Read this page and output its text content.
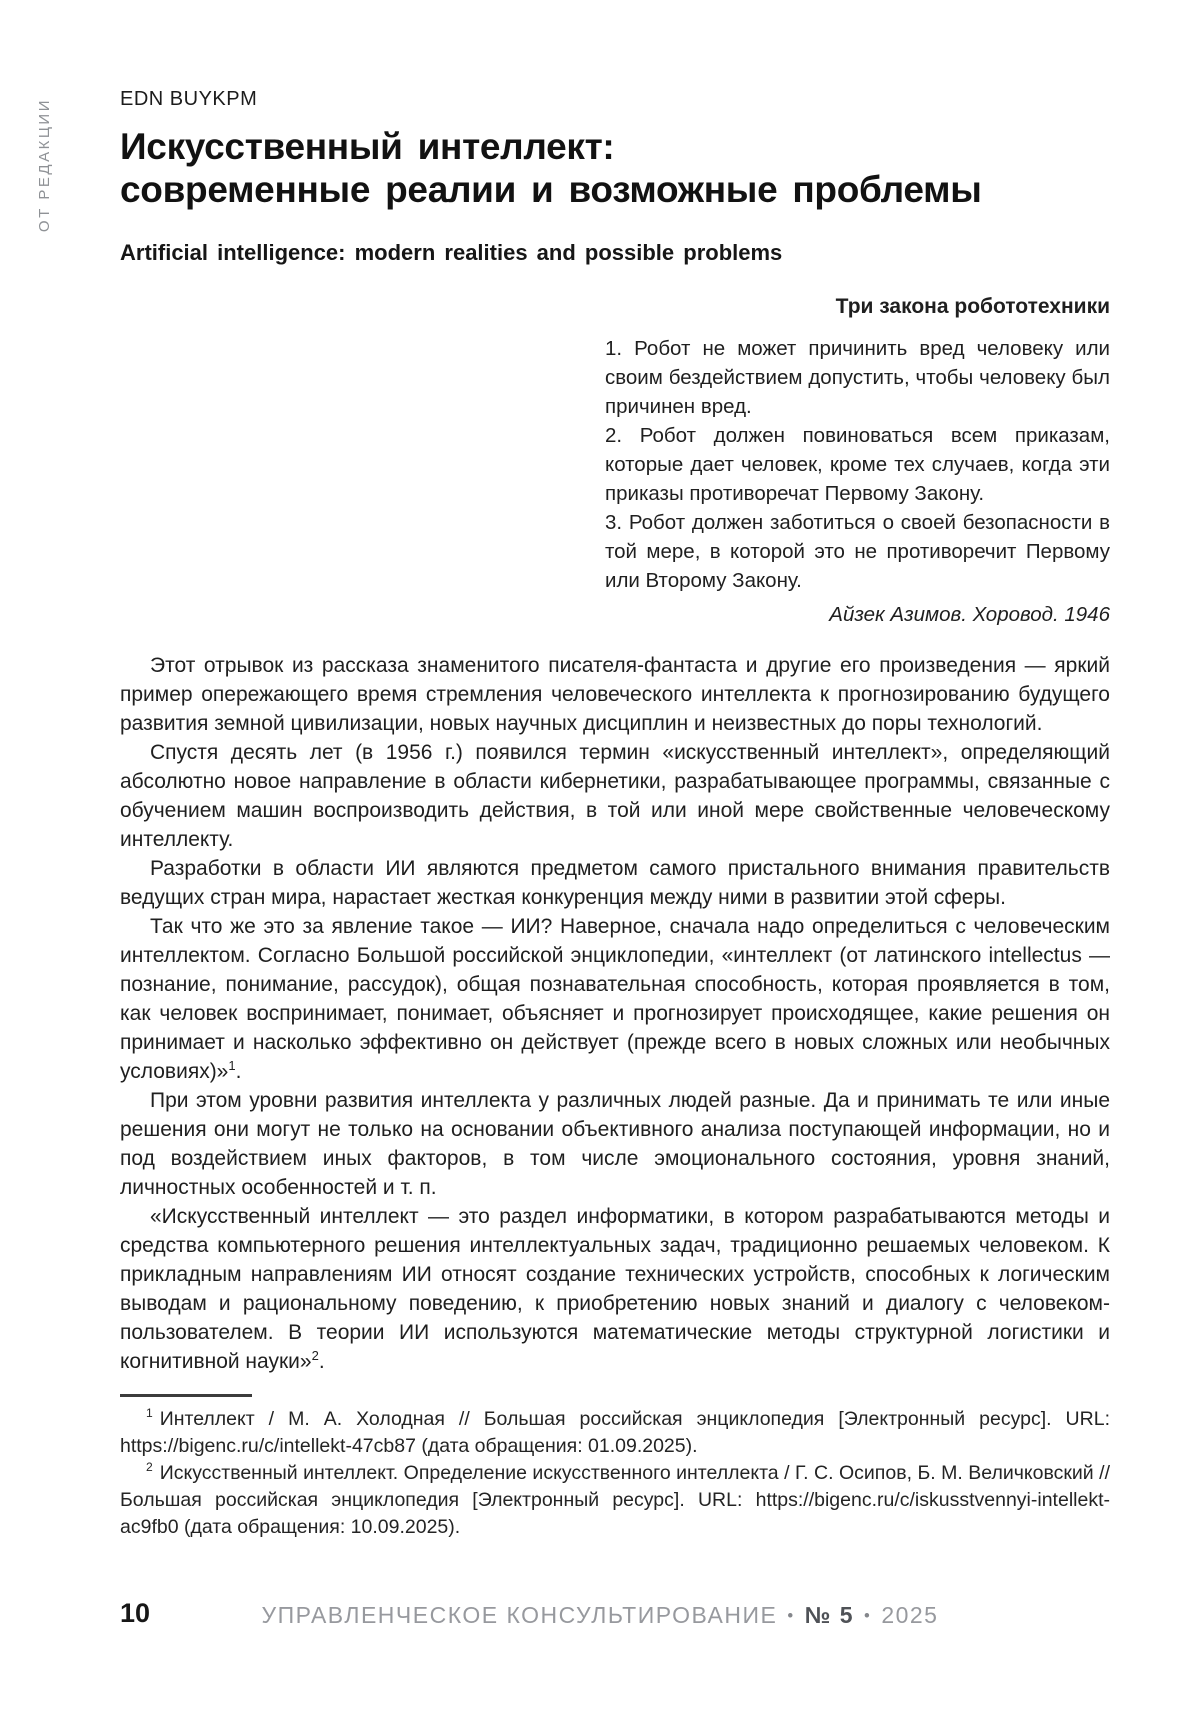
ОТ РЕДАКЦИИ	EDN BUYKPM
Искусственный интеллект:
современные реалии и возможные проблемы
Artificial intelligence: modern realities and possible problems
Три закона робототехники

1. Робот не может причинить вред человеку или своим бездействием допустить, чтобы человеку был причинен вред.

2. Робот должен повиноваться всем приказам, которые дает человек, кроме тех случаев, когда эти приказы противоречат Первому Закону.

3. Робот должен заботиться о своей безопасности в той мере, в которой это не противоречит Первому или Второму Закону.

Айзек Азимов. Хоровод. 1946

Этот отрывок из рассказа знаменитого писателя-фантаста и другие его произведения — яркий пример опережающего время стремления человеческого интеллекта к прогнозированию будущего развития земной цивилизации, новых научных дисциплин и неизвестных до поры технологий.

Спустя десять лет (в 1956 г.) появился термин «искусственный интеллект», определяющий абсолютно новое направление в области кибернетики, разрабатывающее программы, связанные с обучением машин воспроизводить действия, в той или иной мере свойственные человеческому интеллекту.

Разработки в области ИИ являются предметом самого пристального внимания правительств ведущих стран мира, нарастает жесткая конкуренция между ними в развитии этой сферы.

Так что же это за явление такое — ИИ? Наверное, сначала надо определиться с человеческим интеллектом. Согласно Большой российской энциклопедии, «интеллект (от латинского intellectus — познание, понимание, рассудок), общая познавательная способность, которая проявляется в том, как человек воспринимает, понимает, объясняет и прогнозирует происходящее, какие решения он принимает и насколько эффективно он действует (прежде всего в новых сложных или необычных условиях)»$^1$.

При этом уровни развития интеллекта у различных людей разные. Да и принимать те или иные решения они могут не только на основании объективного анализа поступающей информации, но и под воздействием иных факторов, в том числе эмоционального состояния, уровня знаний, личностных особенностей и т. п.

«Искусственный интеллект — это раздел информатики, в котором разрабатываются методы и средства компьютерного решения интеллектуальных задач, традиционно решаемых человеком. К прикладным направлениям ИИ относят создание технических устройств, способных к логическим выводам и рациональному поведению, к приобретению новых знаний и диалогу с человеком-пользователем. В теории ИИ используются математические методы структурной логистики и когнитивной науки»$^2$.

$^1$ Интеллект / М. А. Холодная // Большая российская энциклопедия [Электронный ресурс]. URL: https://bigenc.ru/c/intellekt-47cb87 (дата обращения: 01.09.2025).

$^2$ Искусственный интеллект. Определение искусственного интеллекта / Г. С. Осипов, Б. М. Величковский // Большая российская энциклопедия [Электронный ресурс]. URL: https://bigenc.ru/c/iskusstvennyi-intellekt-ac9fb0 (дата обращения: 10.09.2025).

10	УПРАВЛЕНЧЕСКОЕ КОНСУЛЬТИРОВАНИЕ • № 5 • 2025
